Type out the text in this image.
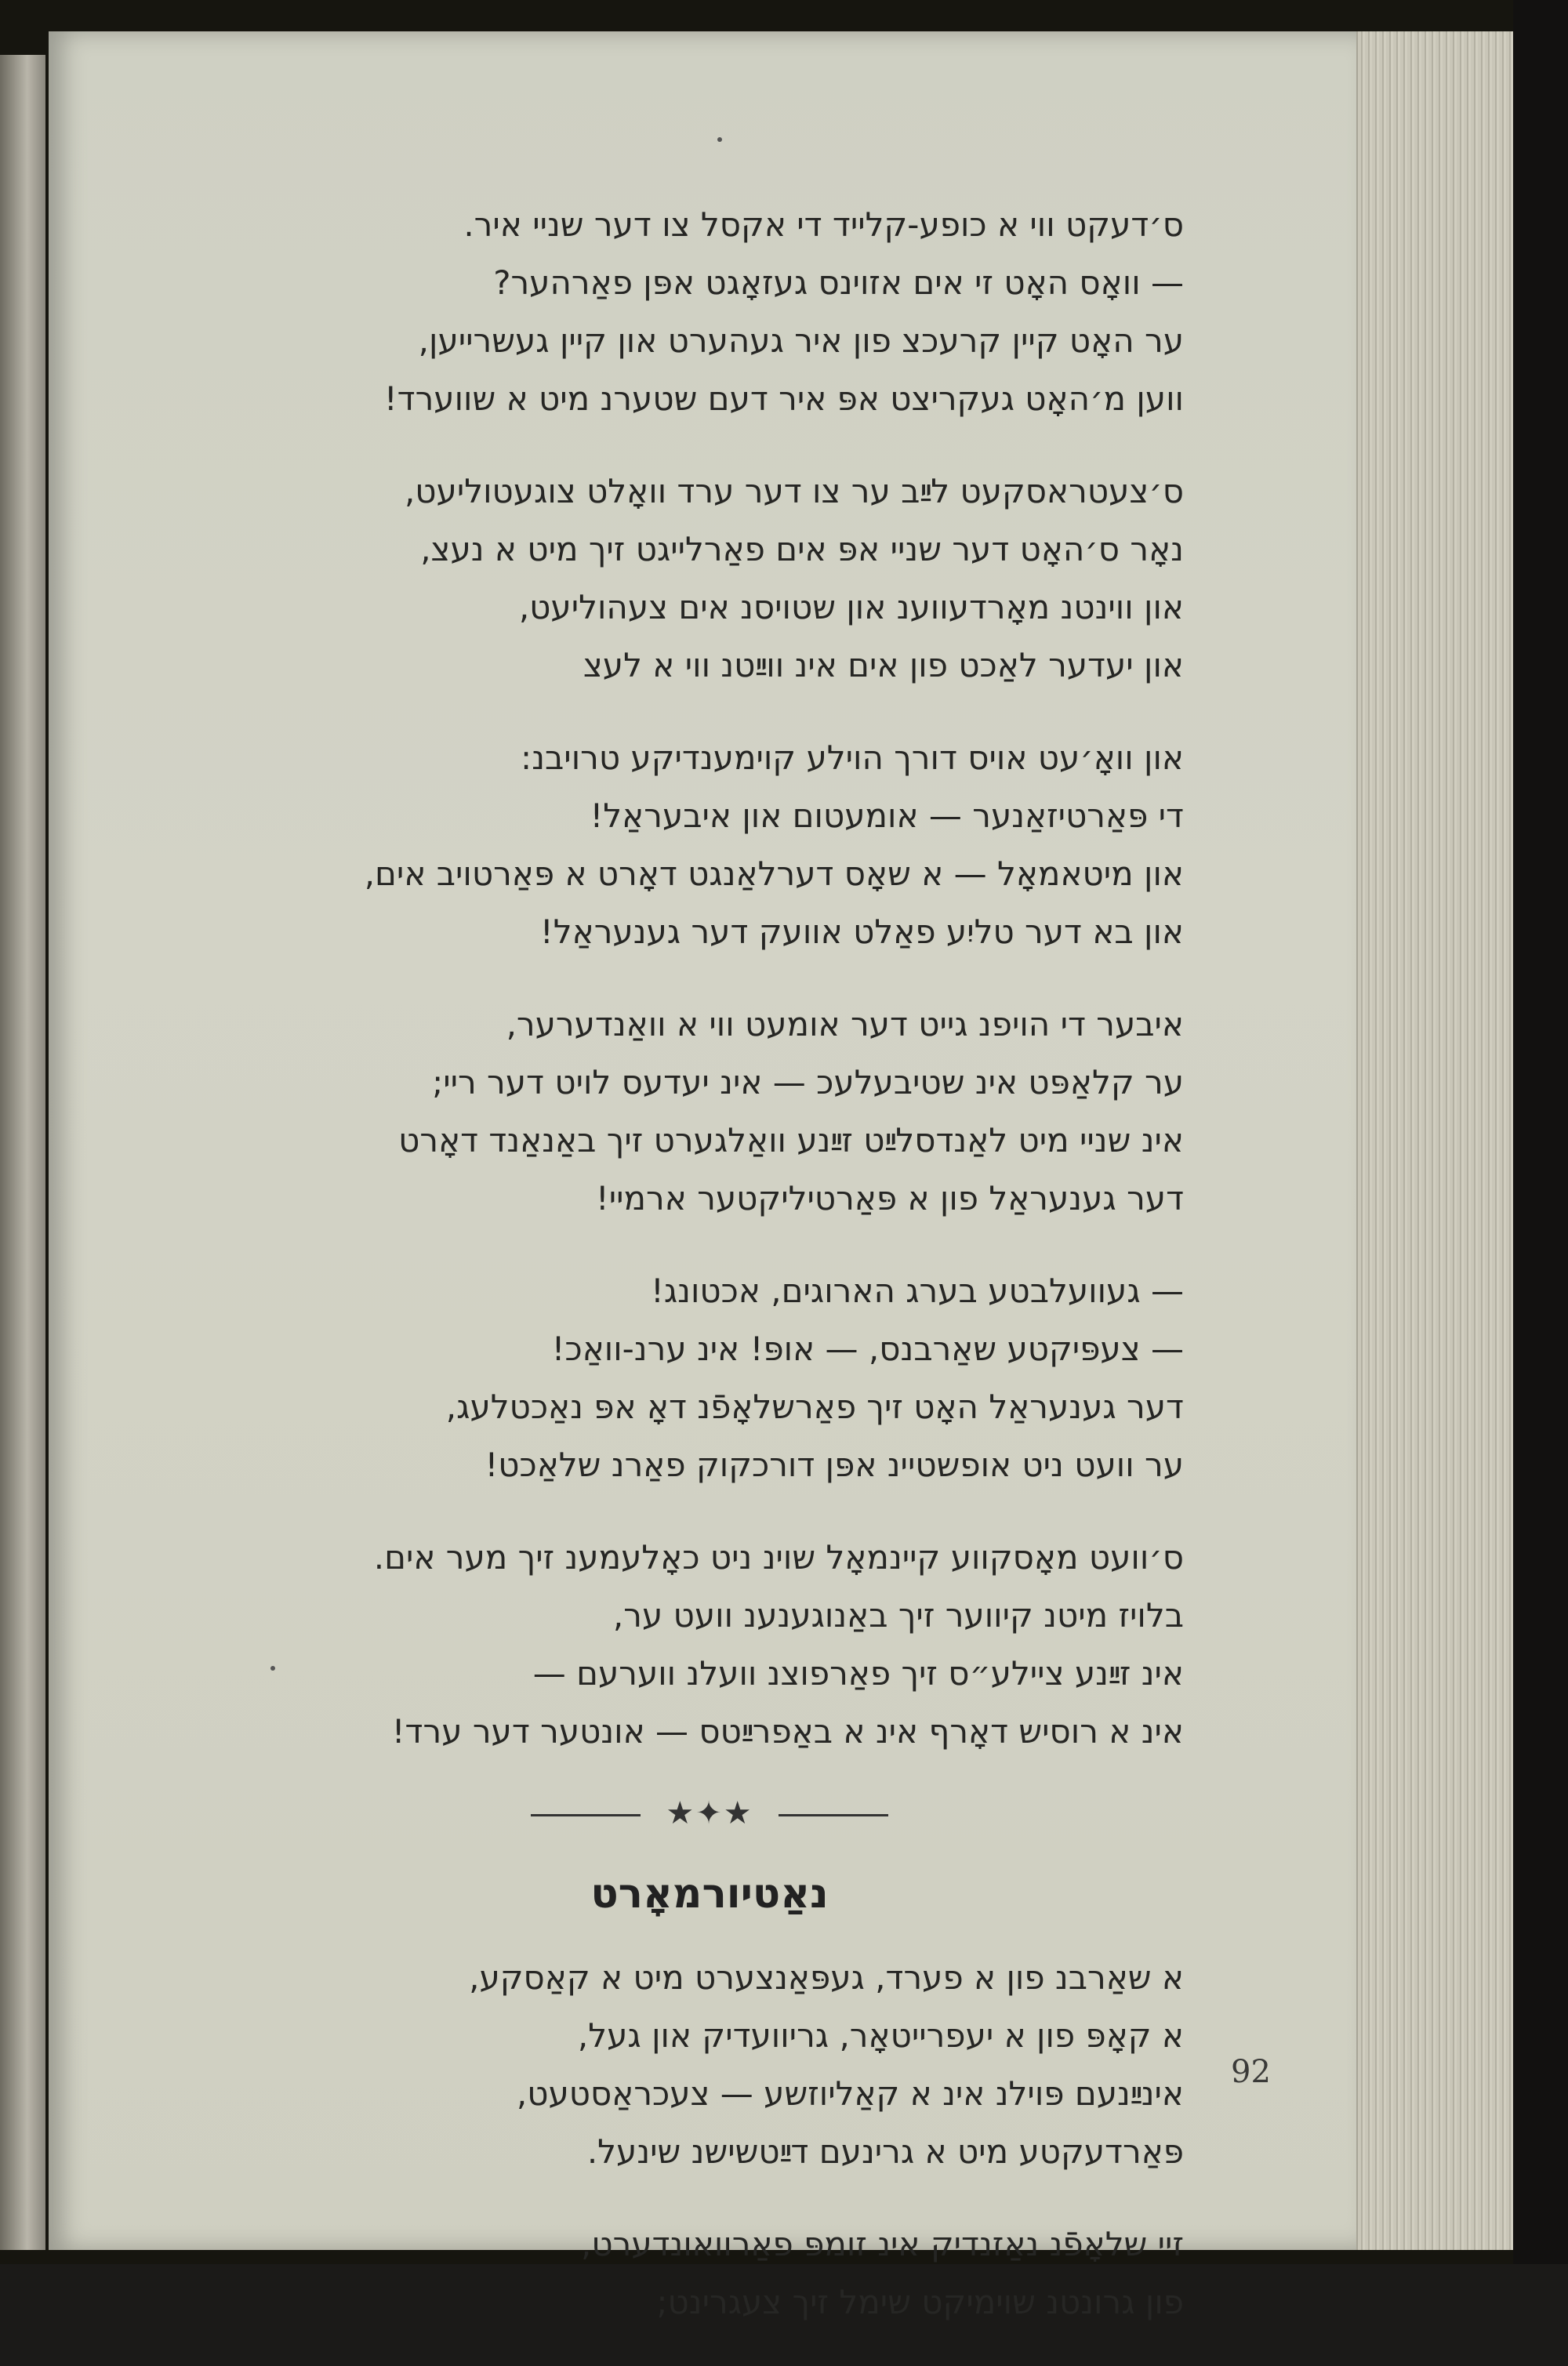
ס׳דעקט ווי א כופע-קלייד די אקסל צו דער שניי איר.
— וואָס האָט זי אים אזוינס געזאָגט אפּן פאַרהער?
ער האָט קיין קרעכצ פון איר געהערט און קיין געשרייען,
ווען מ׳האָט געקריצט אפּ איר דעם שטערנ מיט א שווערד!
ס׳צעטראסקעט לײַב ער צו דער ערד וואָלט צוגעטוליעט,
נאָר ס׳האָט דער שניי אפּ אים פאַרלייגט זיך מיט א נעצ,
און ווינטנ מאָרדעווענ און שטויסנ אים צעהוליעט,
און יעדער לאַכט פון אים אינ ווײַטנ ווי א לעצ
און וואָ׳עט אויס דורך הוילע קוימענדיקע טרויבנ:
די פּאַרטיזאַנער — אומעטום און איבעראַל!
און מיטאמאָל — א שאָס דערלאַנגט דאָרט א פּאַרטויב אים,
און בא דער טליִע פאַלט אוועק דער גענעראַל!
איבער די הויפנ גייט דער אומעט ווי א וואַנדערער,
ער קלאַפּט אינ שטיבעלעכ — אינ יעדעס לויט דער ריי;
אינ שניי מיט לאַנדסלײַט זײַנע וואַלגערט זיך באַנאַנד דאָרט
דער גענעראַל פון א פּאַרטיליקטער ארמיי!
— געוועלבטע בערג הארוגים, אכטונג!
— צעפּיקטע שאַרבנס, — אופּ! אינ ערנ-וואַכ!
דער גענעראַל האָט זיך פאַרשלאָפֿנ דאָ אפּ נאַכטלעג,
ער וועט ניט אופשטיינ אפּן דורכקוק פאַרנ שלאַכט!
ס׳וועט מאָסקווע קיינמאָל שוינ ניט כאָלעמענ זיך מער אים.
בלויז מיטנ קיווער זיך באַנוגענענ וועט ער,
אינ זײַנע ציילע״ס זיך פאַרפוצנ וועלנ ווערעם —
אינ א רוסיש דאָרף אינ א באַפרײַטס — אונטער דער ערד!
★✦★
נאַטיורמאָרט
א שאַרבנ פון א פערד, געפּאַנצערט מיט א קאַסקע,
א קאָפּ פון א יעפרייטאָר, גריוועדיק און געל,
אינײַנעם פּוילנ אינ א קאַליוזשע — צעכראַסטעט,
פּאַרדעקטע מיט א גרינעם דײַטשישנ שינעל.
זיי שלאָפֿנ נאַזנדיק אינ זומפּ פאַרוואונדערט,
פון גרונטנ שוימיקט שימל זיך צעגרינט;
92
